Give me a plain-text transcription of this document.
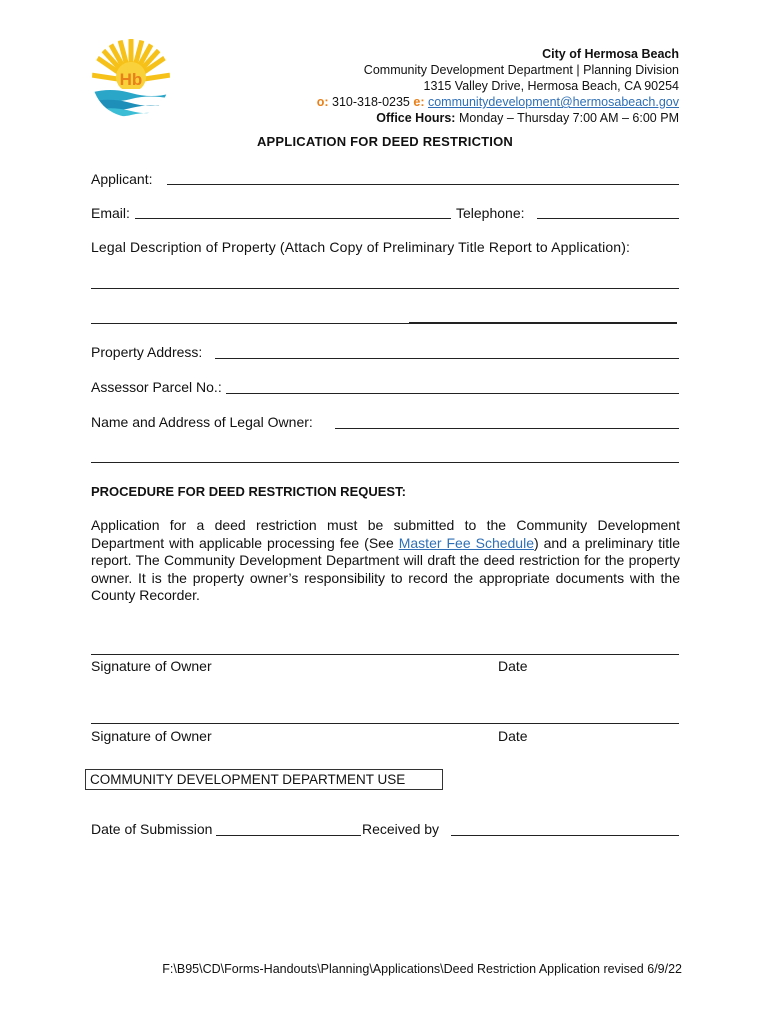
Hb
City of Hermosa Beach
Community Development Department | Planning Division
1315 Valley Drive, Hermosa Beach, CA 90254
o: 310-318-0235 e: communitydevelopment@hermosabeach.gov
Office Hours: Monday – Thursday 7:00 AM – 6:00 PM
APPLICATION FOR DEED RESTRICTION
Applicant:
Email:	Telephone:
Legal Description of Property (Attach Copy of Preliminary Title Report to Application):
Property Address:
Assessor Parcel No.:
Name and Address of Legal Owner:
PROCEDURE FOR DEED RESTRICTION REQUEST:
Application for a deed restriction must be submitted to the Community Development Department with applicable processing fee (See Master Fee Schedule) and a preliminary title report. The Community Development Department will draft the deed restriction for the property owner. It is the property owner’s responsibility to record the appropriate documents with the County Recorder.
Signature of Owner	Date
Signature of Owner	Date
COMMUNITY DEVELOPMENT DEPARTMENT USE
Date of Submission	Received by
F:\B95\CD\Forms-Handouts\Planning\Applications\Deed Restriction Application revised 6/9/22
